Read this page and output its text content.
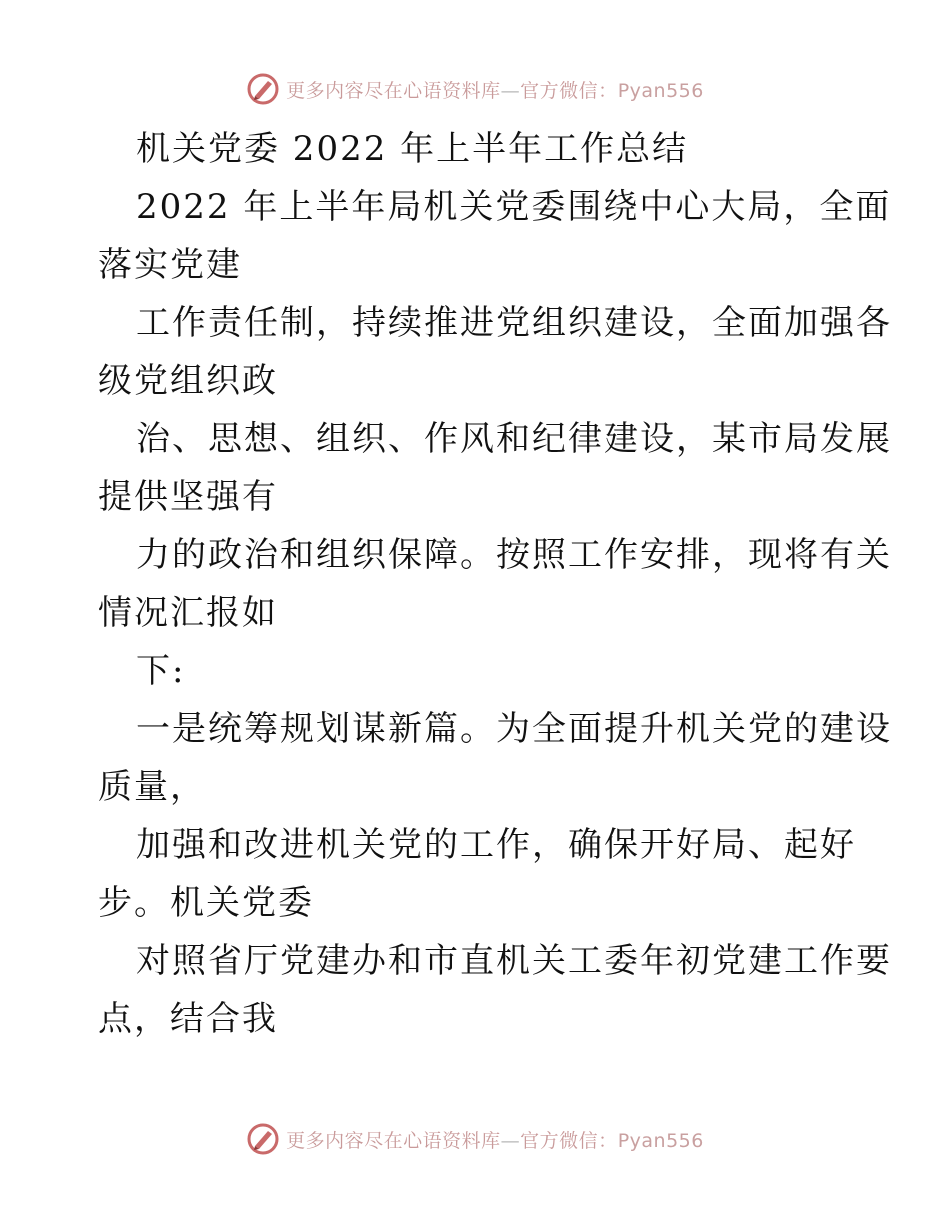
更多内容尽在心语资料库—官方微信：Pyan556
机关党委 2022 年上半年工作总结
2022 年上半年局机关党委围绕中心大局，全面
落实党建
工作责任制，持续推进党组织建设，全面加强各
级党组织政
治、思想、组织、作风和纪律建设，某市局发展
提供坚强有
力的政治和组织保障。按照工作安排，现将有关
情况汇报如
下:
一是统筹规划谋新篇。为全面提升机关党的建设
质量，
加强和改进机关党的工作，确保开好局、起好
步。机关党委
对照省厅党建办和市直机关工委年初党建工作要
点，结合我
更多内容尽在心语资料库—官方微信：Pyan556
